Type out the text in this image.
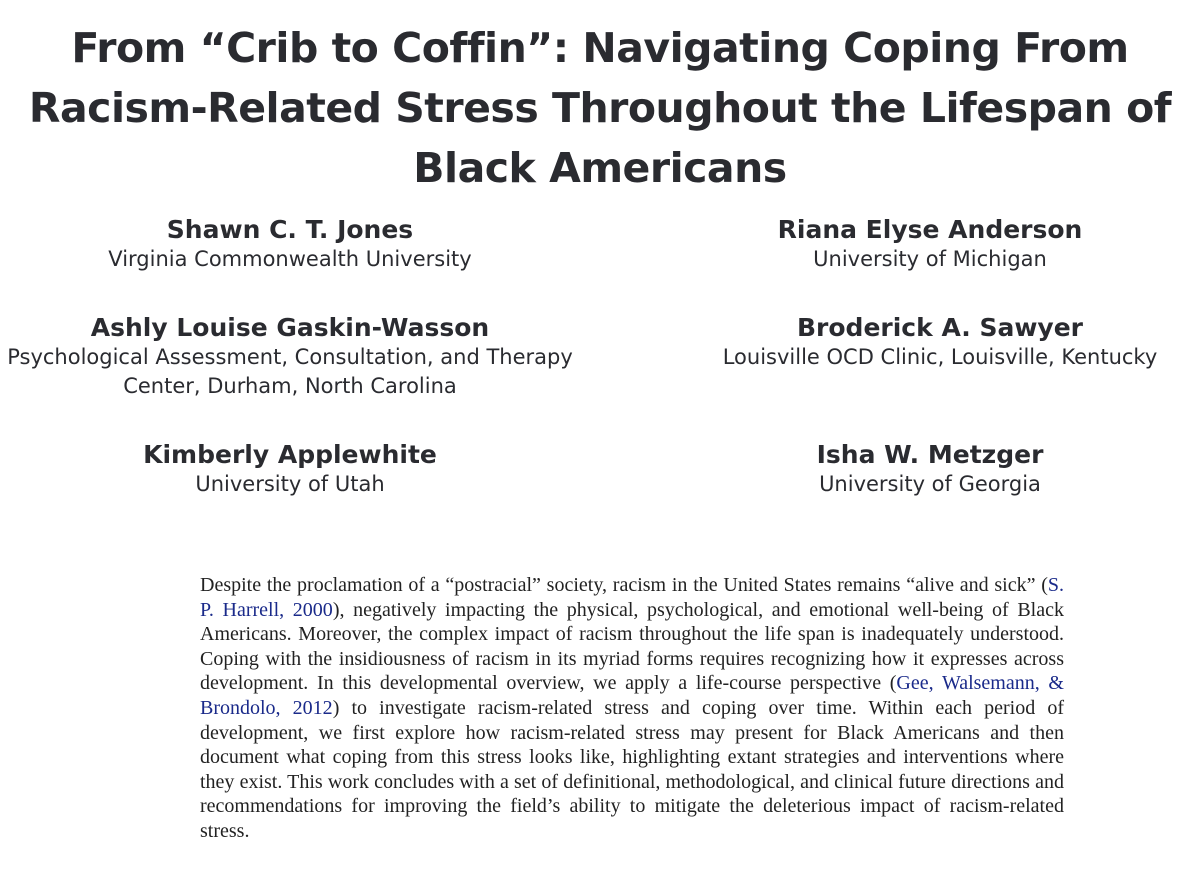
From “Crib to Coffin”: Navigating Coping From
Racism-Related Stress Throughout the Lifespan of
Black Americans
Shawn C. T. Jones
Virginia Commonwealth University
Riana Elyse Anderson
University of Michigan
Ashly Louise Gaskin-Wasson
Psychological Assessment, Consultation, and Therapy
Center, Durham, North Carolina
Broderick A. Sawyer
Louisville OCD Clinic, Louisville, Kentucky
Kimberly Applewhite
University of Utah
Isha W. Metzger
University of Georgia

Despite the proclamation of a “postracial” society, racism in the United States remains “alive and sick” (S. P. Harrell, 2000), negatively impacting the physical, psychological, and emotional well-being of Black Americans. Moreover, the complex impact of racism throughout the life span is inadequately understood. Coping with the insidiousness of racism in its myriad forms requires recognizing how it expresses across development. In this developmental overview, we apply a life-course perspective (Gee, Walsemann, & Brondolo, 2012) to investigate racism-related stress and coping over time. Within each period of development, we first explore how racism-related stress may present for Black Americans and then document what coping from this stress looks like, highlighting extant strategies and interventions where they exist. This work concludes with a set of definitional, methodological, and clinical future directions and recommendations for improving the field’s ability to mitigate the deleterious impact of racism-related stress.
